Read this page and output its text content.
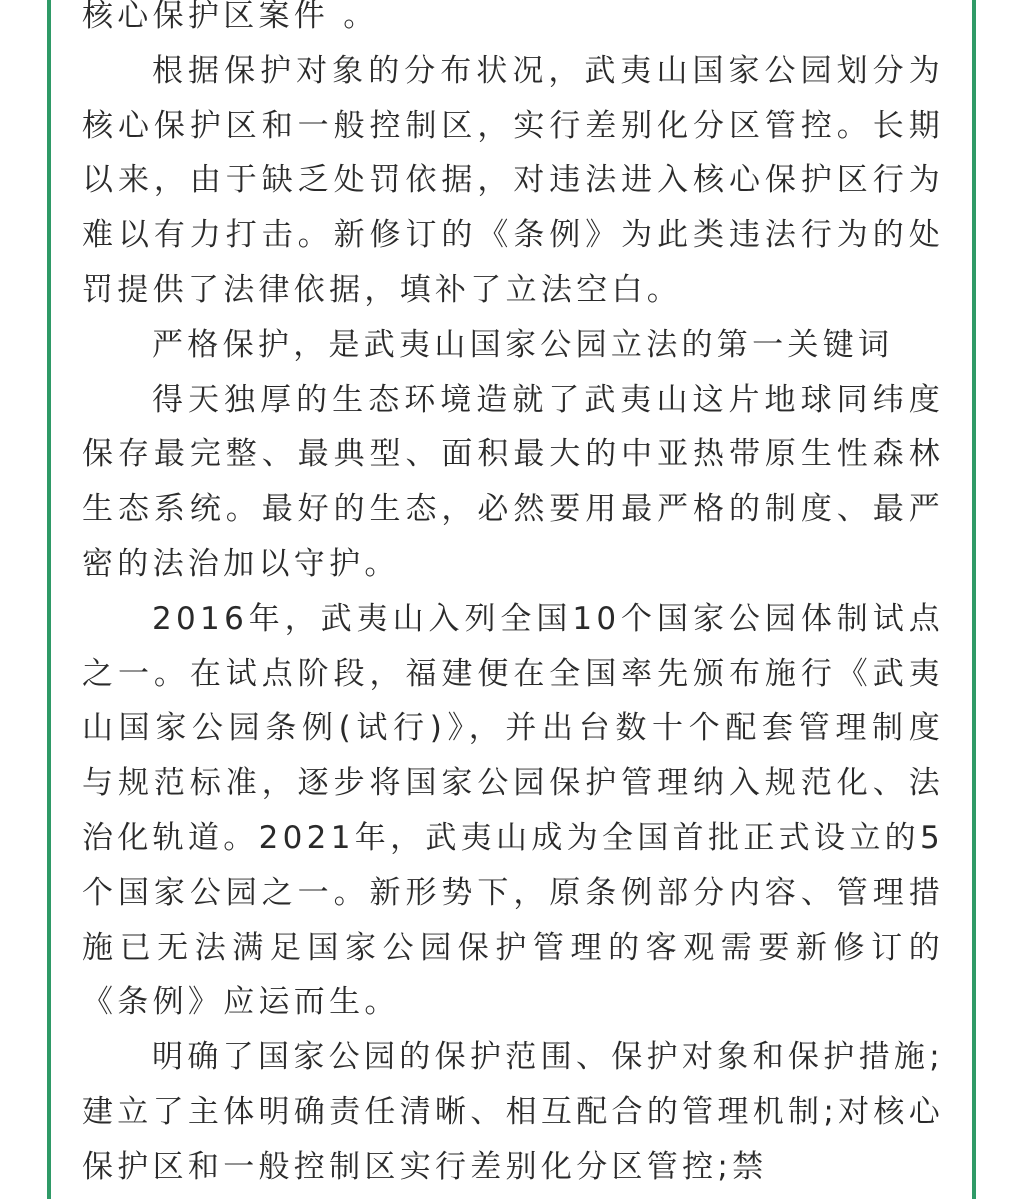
核心保护区案件 。

根据保护对象的分布状况，武夷山国家公园划分为核心保护区和一般控制区，实行差别化分区管控。长期以来，由于缺乏处罚依据，对违法进入核心保护区行为难以有力打击。新修订的《条例》为此类违法行为的处罚提供了法律依据，填补了立法空白。

严格保护，是武夷山国家公园立法的第一关键词

得天独厚的生态环境造就了武夷山这片地球同纬度保存最完整、最典型、面积最大的中亚热带原生性森林生态系统。最好的生态，必然要用最严格的制度、最严密的法治加以守护。

2016年，武夷山入列全国10个国家公园体制试点之一。在试点阶段，福建便在全国率先颁布施行《武夷山国家公园条例(试行)》，并出台数十个配套管理制度与规范标准，逐步将国家公园保护管理纳入规范化、法治化轨道。2021年，武夷山成为全国首批正式设立的5个国家公园之一。新形势下，原条例部分内容、管理措施已无法满足国家公园保护管理的客观需要新修订的《条例》应运而生。

明确了国家公园的保护范围、保护对象和保护措施;建立了主体明确责任清晰、相互配合的管理机制;对核心保护区和一般控制区实行差别化分区管控;禁
